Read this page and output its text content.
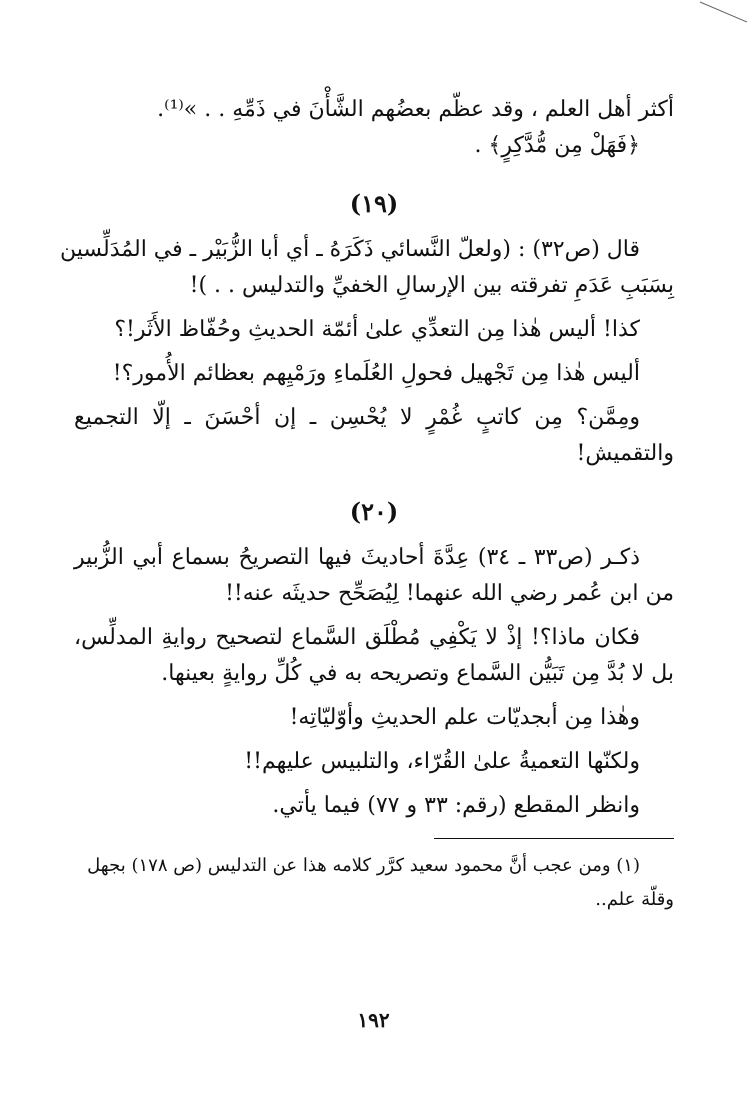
أكثر أهل العلم ، وقد عظّم بعضُهم الشَّأْنَ في ذَمِّهِ . . »⁽¹⁾.
﴿فَهَلْ مِن مُّدَّكِرٍ﴾ .
(١٩)
قال (ص٣٢) : (ولعلّ النَّسائي ذَكَرَهُ ـ أي أبا الزُّبَيْر ـ في المُدَلِّسين
بِسَبَبِ عَدَمِ تفرقته بين الإرسالِ الخفيِّ والتدليس . . )!
كذا! أليس هٰذا مِن التعدِّي علىٰ أئمّة الحديثِ وحُفّاظ الأَثَر!؟
أليس هٰذا مِن تَجْهيل فحولِ العُلَماءِ ورَمْيِهم بعظائم الأُمور؟!
ومِمَّن؟ مِن كاتبٍ غُمْرٍ لا يُحْسِن ـ إن أحْسَنَ ـ إلّا التجميع
والتقميش!
(٢٠)
ذكـر (ص٣٣ ـ ٣٤) عِدَّةَ أحاديثَ فيها التصريحُ بسماع أبي الزُّبير
من ابن عُمر رضي الله عنهما! لِيُصَحِّح حديثَه عنه!!
فكان ماذا؟! إذْ لا يَكْفِي مُطْلَق السَّماع لتصحيح روايةِ المدلِّس،
بل لا بُدَّ مِن تَبَيُّن السَّماع وتصريحه به في كُلِّ روايةٍ بعينها.
وهٰذا مِن أبجديّات علم الحديثِ وأوّليّاتِه!
ولكنّها التعميةُ علىٰ القُرّاء، والتلبيس عليهم!!
وانظر المقطع (رقم: ٣٣ و ٧٧) فيما يأتي.
(١) ومن عجب أنَّ محمود سعيد كرَّر كلامه هذا عن التدليس (ص ١٧٨) بجهل
وقلّة علم..
١٩٢
